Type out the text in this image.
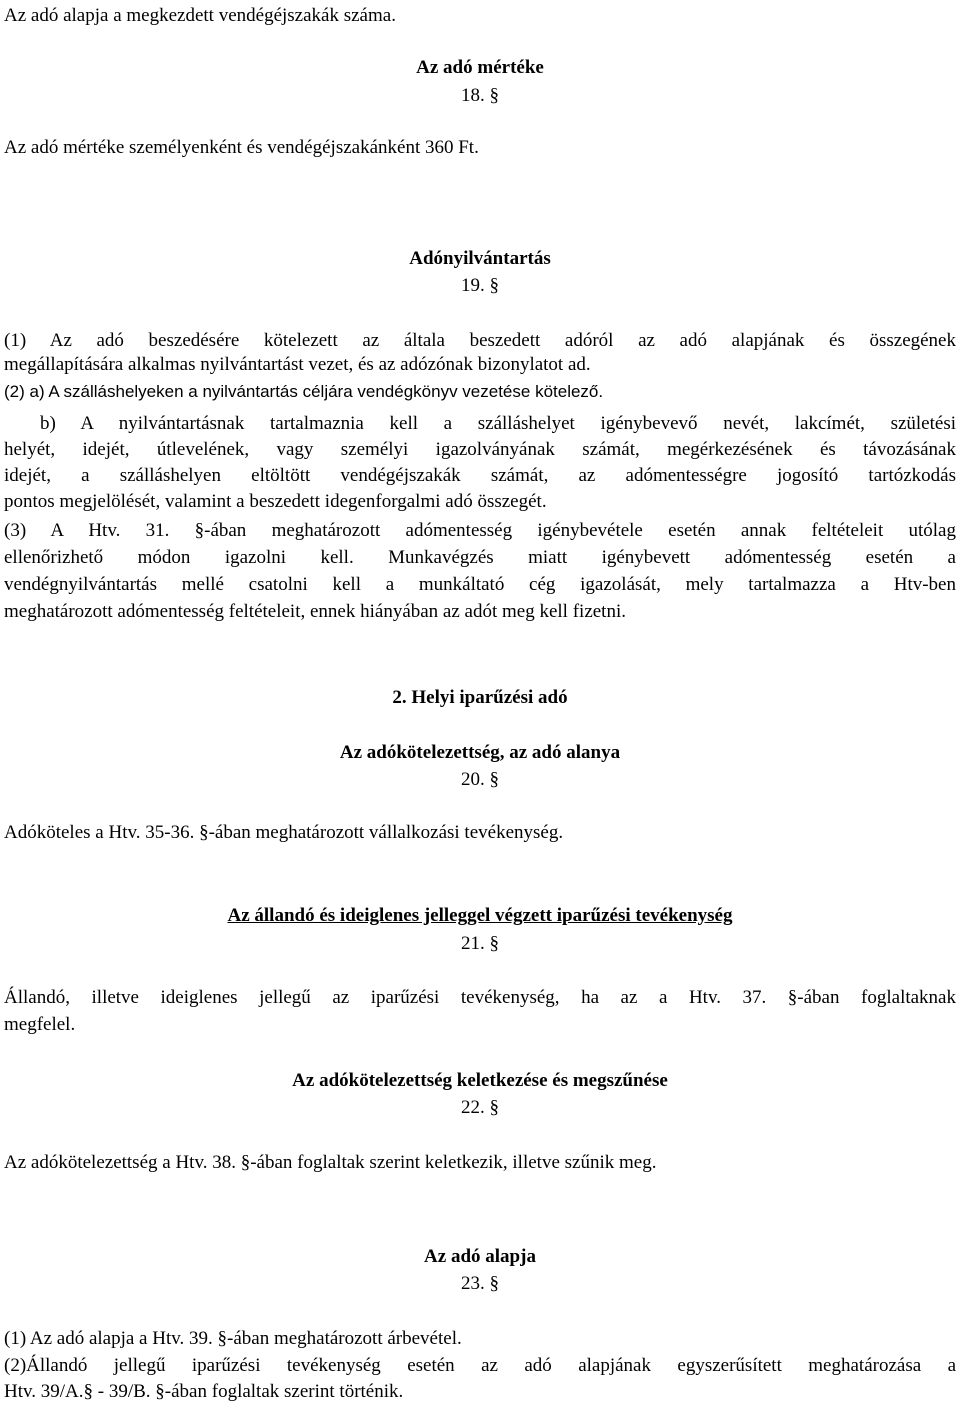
Az adó alapja a megkezdett vendégéjszakák száma.
Az adó mértéke
18. §
Az adó mértéke személyenként és vendégéjszakánként 360 Ft.
Adónyilvántartás
19. §
(1) Az adó beszedésére kötelezett az általa beszedett adóról az adó alapjának és összegének
megállapítására alkalmas nyilvántartást vezet, és az adózónak bizonylatot ad.
(2) a) A szálláshelyeken a nyilvántartás céljára vendégkönyv vezetése kötelező.
b) A nyilvántartásnak tartalmaznia kell a szálláshelyet igénybevevő nevét, lakcímét, születési
helyét, idejét, útlevelének, vagy személyi igazolványának számát, megérkezésének és távozásának
idejét, a szálláshelyen eltöltött vendégéjszakák számát, az adómentességre jogosító tartózkodás
pontos megjelölését, valamint a beszedett idegenforgalmi adó összegét.
(3) A Htv. 31. §-ában meghatározott adómentesség igénybevétele esetén annak feltételeit utólag
ellenőrizhető módon igazolni kell. Munkavégzés miatt igénybevett adómentesség esetén a
vendégnyilvántartás mellé csatolni kell a munkáltató cég igazolását, mely tartalmazza a Htv-ben
meghatározott adómentesség feltételeit, ennek hiányában az adót meg kell fizetni.
2. Helyi iparűzési adó
Az adókötelezettség, az adó alanya
20. §
Adóköteles a Htv. 35-36. §-ában meghatározott vállalkozási tevékenység.
Az állandó és ideiglenes jelleggel végzett iparűzési tevékenység
21. §
Állandó, illetve ideiglenes jellegű az iparűzési tevékenység, ha az a Htv. 37. §-ában foglaltaknak
megfelel.
Az adókötelezettség keletkezése és megszűnése
22. §
Az adókötelezettség a Htv. 38. §-ában foglaltak szerint keletkezik, illetve szűnik meg.
Az adó alapja
23. §
(1) Az adó alapja a Htv. 39. §-ában meghatározott árbevétel.
(2)Állandó jellegű iparűzési tevékenység esetén az adó alapjának egyszerűsített meghatározása a
Htv. 39/A.§ - 39/B. §-ában foglaltak szerint történik.
